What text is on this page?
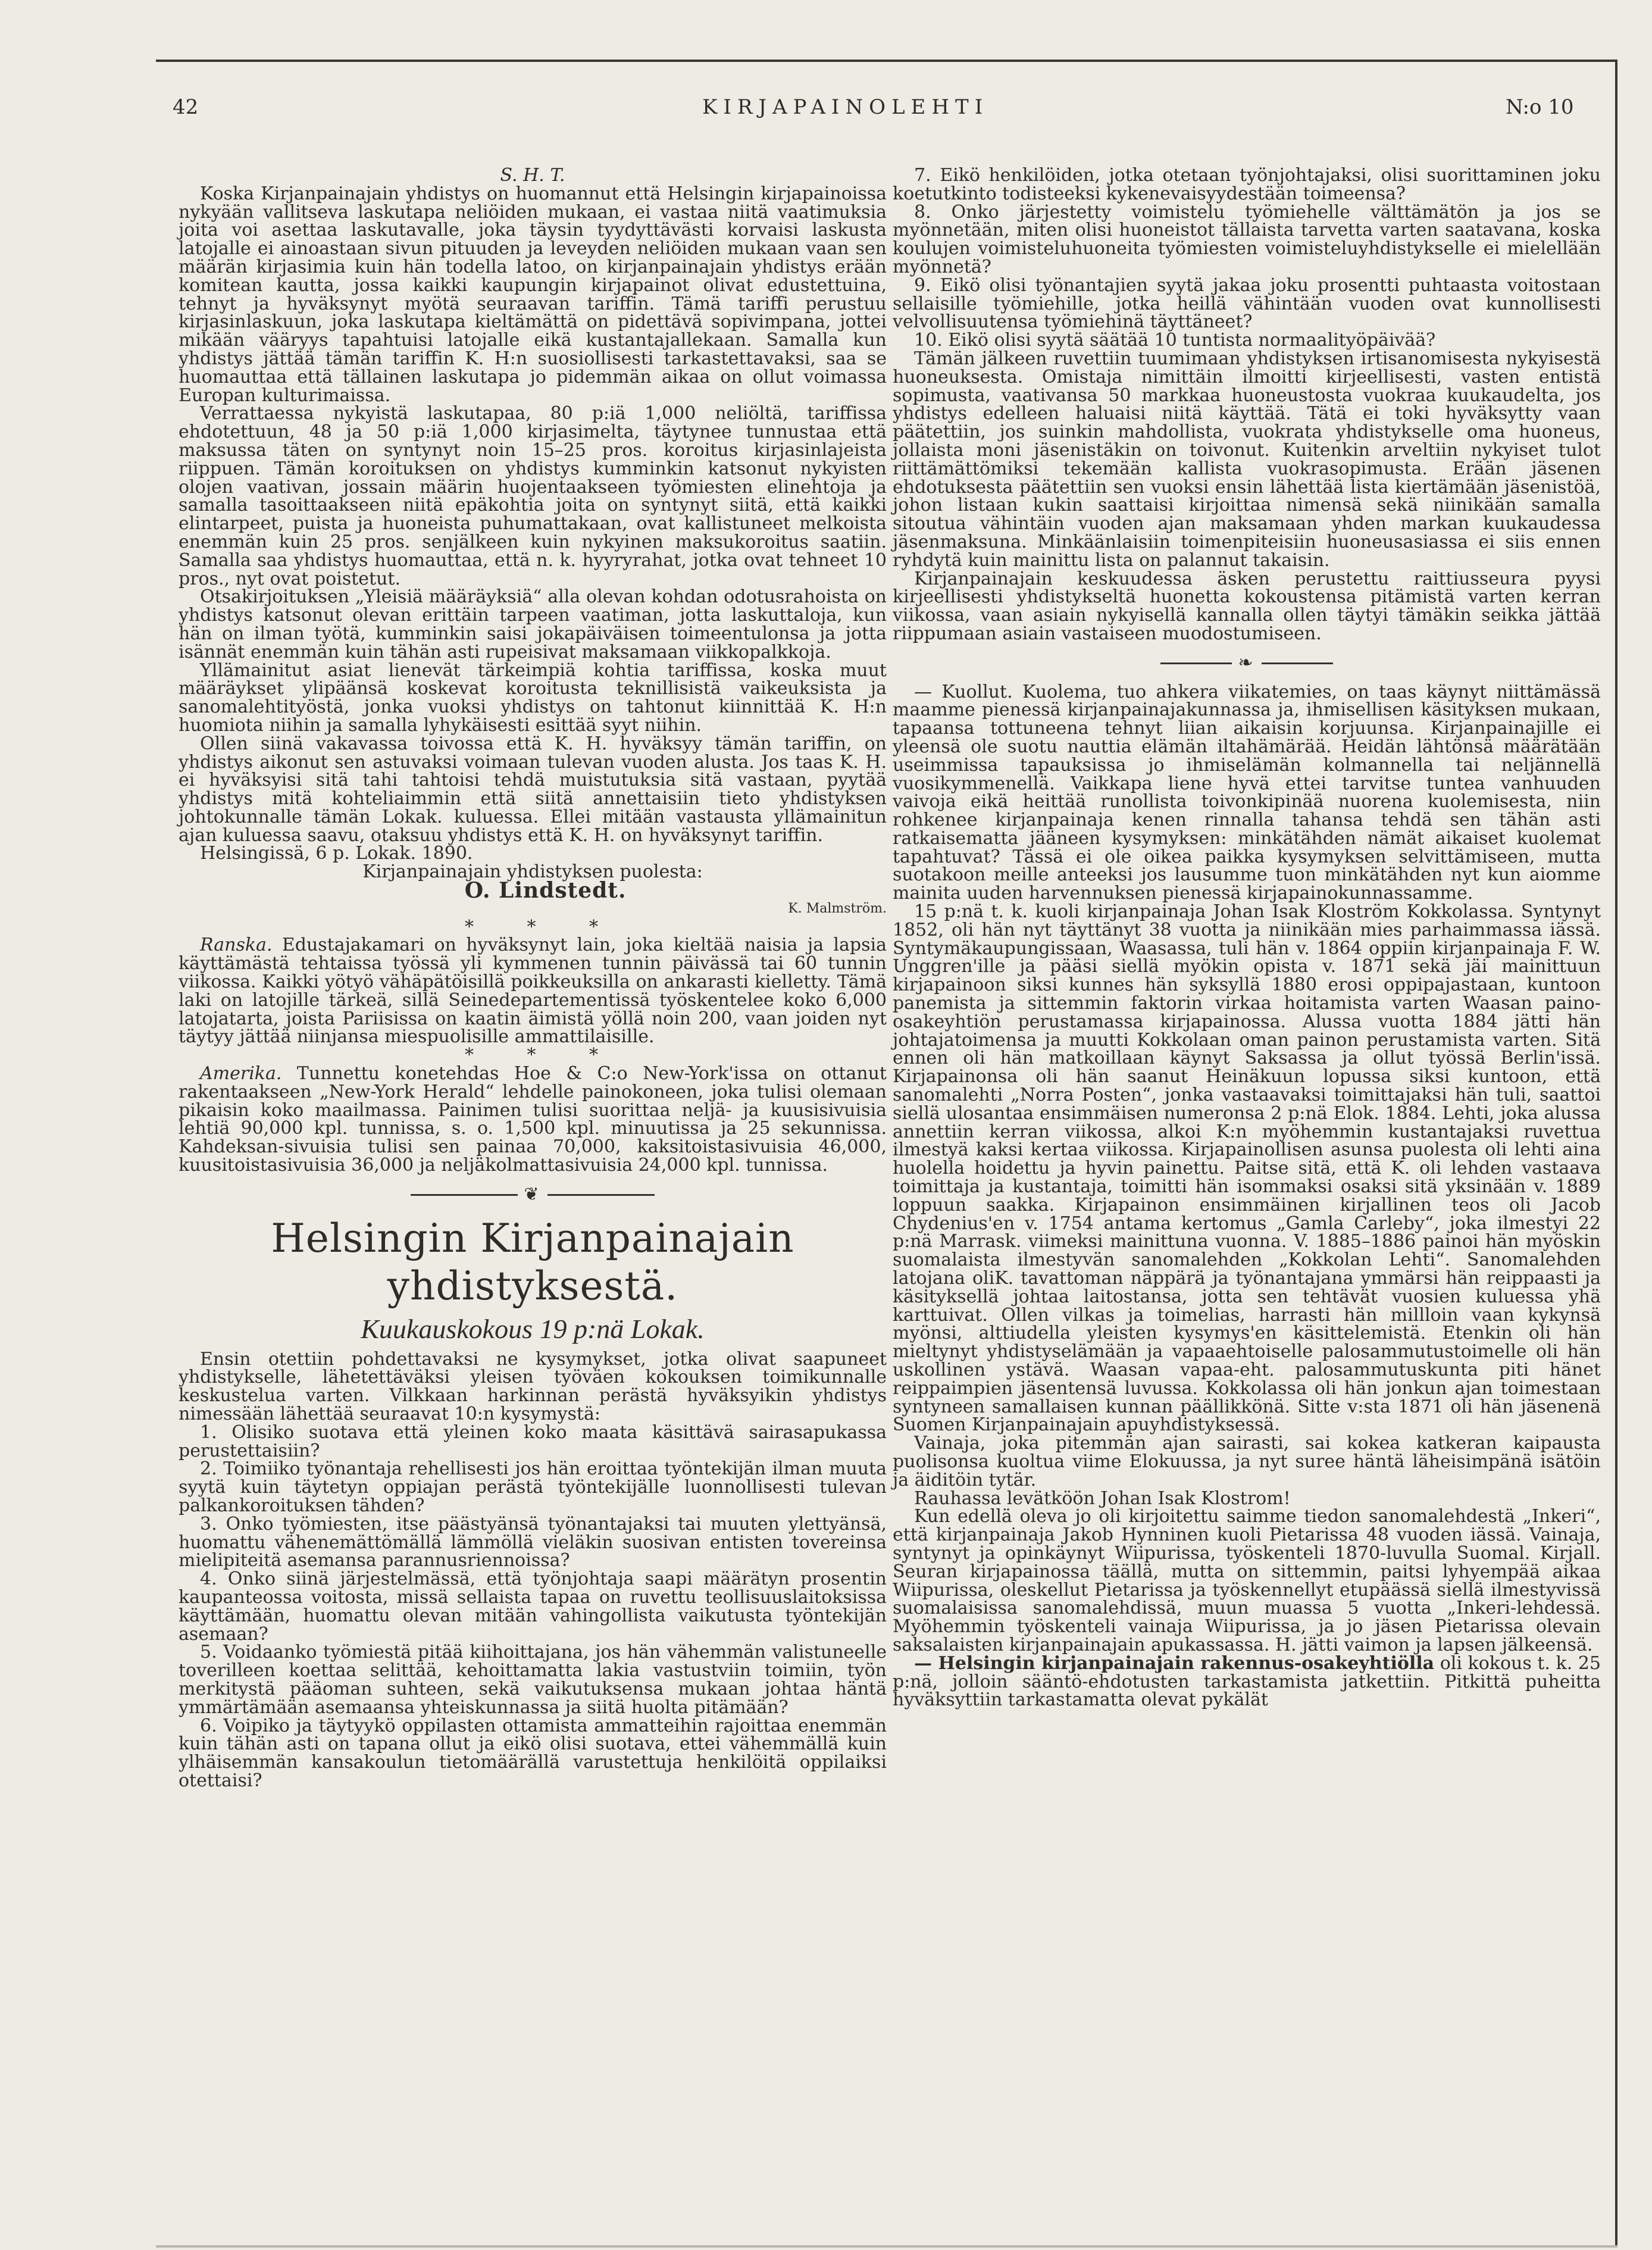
42	KIRJAPAINOLEHTI	N:o 10

S. H. T.

Koska Kirjanpainajain yhdistys on huomannut että Helsingin kirjapainoissa nykyään vallitseva laskutapa neliöiden mukaan, ei vastaa niitä vaatimuksia joita voi asettaa laskutavalle, joka täysin tyydyttävästi korvaisi laskusta latojalle ei ainoastaan sivun pituuden ja leveyden neliöiden mukaan vaan sen määrän kirjasimia kuin hän todella latoo, on kirjanpainajain yhdistys erään komitean kautta, jossa kaikki kaupungin kirjapainot olivat edustettuina, tehnyt ja hyväksynyt myötä seuraavan tariffin. Tämä tariffi perustuu kirjasinlaskuun, joka laskutapa kieltämättä on pidettävä sopivimpana, jottei mikään vääryys tapahtuisi latojalle eikä kustantajallekaan. Samalla kun yhdistys jättää tämän tariffin K. H:n suosiollisesti tarkastettavaksi, saa se huomauttaa että tällainen laskutapa jo pidemmän aikaa on ollut voimassa Europan kulturimaissa.

Verrattaessa nykyistä laskutapaa, 80 p:iä 1,000 neliöltä, tariffissa ehdotettuun, 48 ja 50 p:iä 1,000 kirjasimelta, täytynee tunnustaa että maksussa täten on syntynyt noin 15–25 pros. koroitus kirjasinlajeista riippuen. Tämän koroituksen on yhdistys kumminkin katsonut nykyisten olojen vaativan, jossain määrin huojentaakseen työmiesten elinehtoja ja samalla tasoittaakseen niitä epäkohtia joita on syntynyt siitä, että kaikki elintarpeet, puista ja huoneista puhumattakaan, ovat kallistuneet melkoista enemmän kuin 25 pros. senjälkeen kuin nykyinen maksukoroitus saatiin. Samalla saa yhdistys huomauttaa, että n. k. hyyryrahat, jotka ovat tehneet 10 pros., nyt ovat poistetut.

Otsakirjoituksen „Yleisiä määräyksiä“ alla olevan kohdan odotusrahoista on yhdistys katsonut olevan erittäin tarpeen vaatiman, jotta laskuttaloja, kun hän on ilman työtä, kumminkin saisi jokapäiväisen toimeentulonsa ja jotta isännät enemmän kuin tähän asti rupeisivat maksamaan viikkopalkkoja.

Yllämainitut asiat lienevät tärkeimpiä kohtia tariffissa, koska muut määräykset ylipäänsä koskevat koroitusta teknillisistä vaikeuksista ja sanomalehtityöstä, jonka vuoksi yhdistys on tahtonut kiinnittää K. H:n huomiota niihin ja samalla lyhykäisesti esittää syyt niihin.

Ollen siinä vakavassa toivossa että K. H. hyväksyy tämän tariffin, on yhdistys aikonut sen astuvaksi voimaan tulevan vuoden alusta. Jos taas K. H. ei hyväksyisi sitä tahi tahtoisi tehdä muistutuksia sitä vastaan, pyytää yhdistys mitä kohteliaimmin että siitä annettaisiin tieto yhdistyksen johtokunnalle tämän Lokak. kuluessa. Ellei mitään vastausta yllämainitun ajan kuluessa saavu, otaksuu yhdistys että K. H. on hyväksynyt tariffin.

Helsingissä, 6 p. Lokak. 1890.

Kirjanpainajain yhdistyksen puolesta:

O. Lindstedt.

K. Malmström.

* * *

Ranska. Edustajakamari on hyväksynyt lain, joka kieltää naisia ja lapsia käyttämästä tehtaissa työssä yli kymmenen tunnin päivässä tai 60 tunnin viikossa. Kaikki yötyö vähäpätöisillä poikkeuksilla on ankarasti kielletty. Tämä laki on latojille tärkeä, sillä Seinedepartementissä työskentelee koko 6,000 latojatarta, joista Pariisissa on kaatin äimistä yöllä noin 200, vaan joiden nyt täytyy jättää niinjansa miespuolisille ammattilaisille.

* * *

Amerika. Tunnettu konetehdas Hoe & C:o New-York'issa on ottanut rakentaakseen „New-York Herald“ lehdelle painokoneen, joka tulisi olemaan pikaisin koko maailmassa. Painimen tulisi suorittaa neljä- ja kuusisivuisia lehtiä 90,000 kpl. tunnissa, s. o. 1,500 kpl. minuutissa ja 25 sekunnissa. Kahdeksan-sivuisia tulisi sen painaa 70,000, kaksitoistasivuisia 46,000, kuusitoistasivuisia 36,000 ja neljäkolmattasivuisia 24,000 kpl. tunnissa.

❦
Helsingin Kirjanpainajain yhdistyksestä.
Kuukauskokous 19 p:nä Lokak.

Ensin otettiin pohdettavaksi ne kysymykset, jotka olivat saapuneet yhdistykselle, lähetettäväksi yleisen työväen kokouksen toimikunnalle keskustelua varten. Vilkkaan harkinnan perästä hyväksyikin yhdistys nimessään lähettää seuraavat 10:n kysymystä:

1. Olisiko suotava että yleinen koko maata käsittävä sairasapukassa perustettaisiin?

2. Toimiiko työnantaja rehellisesti jos hän eroittaa työntekijän ilman muuta syytä kuin täytetyn oppiajan perästä työntekijälle luonnollisesti tulevan palkankoroituksen tähden?

3. Onko työmiesten, itse päästyänsä työnantajaksi tai muuten ylettyänsä, huomattu vähenemättömällä lämmöllä vieläkin suosivan entisten tovereinsa mielipiteitä asemansa parannusriennoissa?

4. Onko siinä järjestelmässä, että työnjohtaja saapi määrätyn prosentin kaupanteossa voitosta, missä sellaista tapaa on ruvettu teollisuuslaitoksissa käyttämään, huomattu olevan mitään vahingollista vaikutusta työntekijän asemaan?

5. Voidaanko työmiestä pitää kiihoittajana, jos hän vähemmän valistuneelle toverilleen koettaa selittää, kehoittamatta lakia vastustviin toimiin, työn merkitystä pääoman suhteen, sekä vaikutuksensa mukaan johtaa häntä ymmärtämään asemaansa yhteiskunnassa ja siitä huolta pitämään?

6. Voipiko ja täytyykö oppilasten ottamista ammatteihin rajoittaa enemmän kuin tähän asti on tapana ollut ja eikö olisi suotava, ettei vähemmällä kuin ylhäisemmän kansakoulun tietomäärällä varustettuja henkilöitä oppilaiksi otettaisi?

7. Eikö henkilöiden, jotka otetaan työnjohtajaksi, olisi suorittaminen joku koetutkinto todisteeksi kykenevaisyydestään toimeensa?

8. Onko järjestetty voimistelu työmiehelle välttämätön ja jos se myönnetään, miten olisi huoneistot tällaista tarvetta varten saatavana, koska koulujen voimisteluhuoneita työmiesten voimisteluyhdistykselle ei mielellään myönnetä?

9. Eikö olisi työnantajien syytä jakaa joku prosentti puhtaasta voitostaan sellaisille työmiehille, jotka heillä vähintään vuoden ovat kunnollisesti velvollisuutensa työmiehinä täyttäneet?

10. Eikö olisi syytä säätää 10 tuntista normaalityöpäivää?

Tämän jälkeen ruvettiin tuumimaan yhdistyksen irtisanomisesta nykyisestä huoneuksesta. Omistaja nimittäin ilmoitti kirjeellisesti, vasten entistä sopimusta, vaativansa 50 markkaa huoneustosta vuokraa kuukaudelta, jos yhdistys edelleen haluaisi niitä käyttää. Tätä ei toki hyväksytty vaan päätettiin, jos suinkin mahdollista, vuokrata yhdistykselle oma huoneus, jollaista moni jäsenistäkin on toivonut. Kuitenkin arveltiin nykyiset tulot riittämättömiksi tekemään kallista vuokrasopimusta. Erään jäsenen ehdotuksesta päätettiin sen vuoksi ensin lähettää lista kiertämään jäsenistöä, johon listaan kukin saattaisi kirjoittaa nimensä sekä niinikään samalla sitoutua vähintäin vuoden ajan maksamaan yhden markan kuukaudessa jäsenmaksuna. Minkäänlaisiin toimenpiteisiin huoneusasiassa ei siis ennen ryhdytä kuin mainittu lista on palannut takaisin.

Kirjanpainajain keskuudessa äsken perustettu raittiusseura pyysi kirjeellisesti yhdistykseltä huonetta kokoustensa pitämistä varten kerran viikossa, vaan asiain nykyisellä kannalla ollen täytyi tämäkin seikka jättää riippumaan asiain vastaiseen muodostumiseen.

❧

— Kuollut. Kuolema, tuo ahkera viikatemies, on taas käynyt niittämässä maamme pienessä kirjanpainajakunnassa ja, ihmisellisen käsityksen mukaan, tapaansa tottuneena tehnyt liian aikaisin korjuunsa. Kirjanpainajille ei yleensä ole suotu nauttia elämän iltahämärää. Heidän lähtönsä määrätään useimmissa tapauksissa jo ihmiselämän kolmannella tai neljännellä vuosikymmenellä. Vaikkapa liene hyvä ettei tarvitse tuntea vanhuuden vaivoja eikä heittää runollista toivonkipinää nuorena kuolemisesta, niin rohkenee kirjanpainaja kenen rinnalla tahansa tehdä sen tähän asti ratkaisematta jääneen kysymyksen: minkätähden nämät aikaiset kuolemat tapahtuvat? Tässä ei ole oikea paikka kysymyksen selvittämiseen, mutta suotakoon meille anteeksi jos lausumme tuon minkätähden nyt kun aiomme mainita uuden harvennuksen pienessä kirjapainokunnassamme.

15 p:nä t. k. kuoli kirjanpainaja Johan Isak Kloström Kokkolassa. Syntynyt 1852, oli hän nyt täyttänyt 38 vuotta ja niinikään mies parhaimmassa iässä. Syntymäkaupungissaan, Waasassa, tuli hän v. 1864 oppiin kirjanpainaja F. W. Unggren'ille ja pääsi siellä myökin opista v. 1871 sekä jäi mainittuun kirjapainoon siksi kunnes hän syksyllä 1880 erosi oppipajastaan, kuntoon panemista ja sittemmin faktorin virkaa hoitamista varten Waasan paino-osakeyhtiön perustamassa kirjapainossa. Alussa vuotta 1884 jätti hän johtajatoimensa ja muutti Kokkolaan oman painon perustamista varten. Sitä ennen oli hän matkoillaan käynyt Saksassa ja ollut työssä Berlin'issä. Kirjapainonsa oli hän saanut Heinäkuun lopussa siksi kuntoon, että sanomalehti „Norra Posten“, jonka vastaavaksi toimittajaksi hän tuli, saattoi siellä ulosantaa ensimmäisen numeronsa 2 p:nä Elok. 1884. Lehti, joka alussa annettiin kerran viikossa, alkoi K:n myöhemmin kustantajaksi ruvettua ilmestyä kaksi kertaa viikossa. Kirjapainollisen asunsa puolesta oli lehti aina huolella hoidettu ja hyvin painettu. Paitse sitä, että K. oli lehden vastaava toimittaja ja kustantaja, toimitti hän isommaksi osaksi sitä yksinään v. 1889 loppuun saakka. Kirjapainon ensimmäinen kirjallinen teos oli Jacob Chydenius'en v. 1754 antama kertomus „Gamla Carleby“, joka ilmestyi 22 p:nä Marrask. viimeksi mainittuna vuonna. V. 1885–1886 painoi hän myöskin suomalaista ilmestyvän sanomalehden „Kokkolan Lehti“. Sanomalehden latojana oliK. tavattoman näppärä ja työnantajana ymmärsi hän reippaasti ja käsityksellä johtaa laitostansa, jotta sen tehtävät vuosien kuluessa yhä karttuivat. Ollen vilkas ja toimelias, harrasti hän millloin vaan kykynsä myönsi, alttiudella yleisten kysymys'en käsittelemistä. Etenkin oli hän mieltynyt yhdistyselämään ja vapaaehtoiselle palosammutustoimelle oli hän uskollinen ystävä. Waasan vapaa-eht. palosammutuskunta piti hänet reippaimpien jäsentensä luvussa. Kokkolassa oli hän jonkun ajan toimestaan syntyneen samallaisen kunnan päällikkönä. Sitte v:sta 1871 oli hän jäsenenä Suomen Kirjanpainajain apuyhdistyksessä.

Vainaja, joka pitemmän ajan sairasti, sai kokea katkeran kaipausta puolisonsa kuoltua viime Elokuussa, ja nyt suree häntä läheisimpänä isätöin ja äiditöin tytär.

Rauhassa levätköön Johan Isak Klostrom!

Kun edellä oleva jo oli kirjoitettu saimme tiedon sanomalehdestä „Inkeri“, että kirjanpainaja Jakob Hynninen kuoli Pietarissa 48 vuoden iässä. Vainaja, syntynyt ja opinkäynyt Wiipurissa, työskenteli 1870-luvulla Suomal. Kirjall. Seuran kirjapainossa täällä, mutta on sittemmin, paitsi lyhyempää aikaa Wiipurissa, oleskellut Pietarissa ja työskennellyt etupäässä siellä ilmestyvissä suomalaisissa sanomalehdissä, muun muassa 5 vuotta „Inkeri-lehdessä. Myöhemmin työskenteli vainaja Wiipurissa, ja jo jäsen Pietarissa olevain saksalaisten kirjanpainajain apukassassa. H. jätti vaimon ja lapsen jälkeensä.

— Helsingin kirjanpainajain rakennus-osakeyhtiölla oli kokous t. k. 25 p:nä, jolloin sääntö-ehdotusten tarkastamista jatkettiin. Pitkittä puheitta hyväksyttiin tarkastamatta olevat pykälät
